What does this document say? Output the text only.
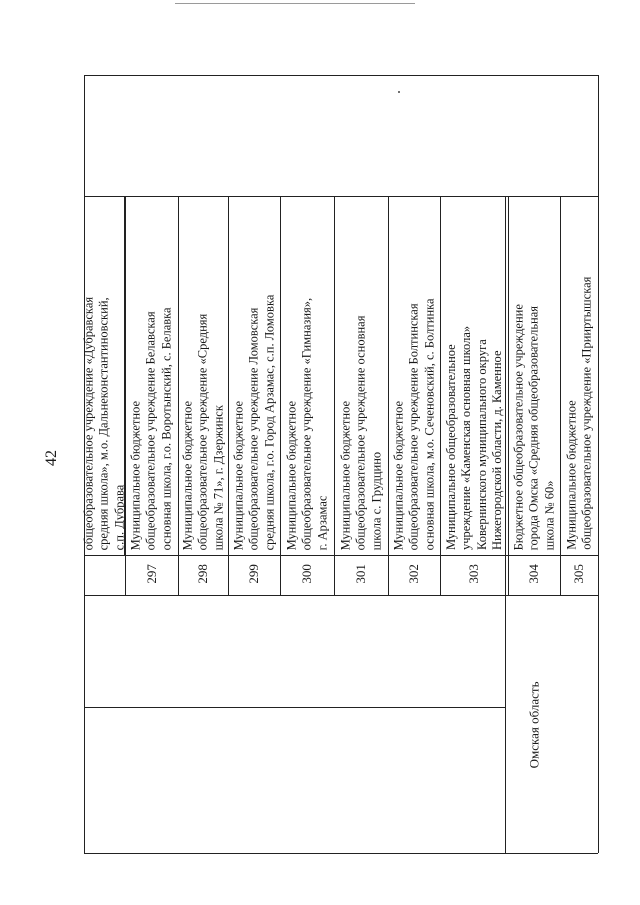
42 общеобразовательное учреждение «Дубравская средняя школа», м.о. Дальнеконстантиновский, с.п. Дубрава Муниципальное бюджетное общеобразовательное учреждение Белавская основная школа, г.о. Воротынский, с. Белавка
297
Муниципальное бюджетное общеобразовательное учреждение «Средняя школа № 71», г. Дзержинск
298
Муниципальное бюджетное общеобразовательное учреждение Ломовская средняя школа, г.о. Город Арзамас, с.п. Ломовка
299
Муниципальное бюджетное общеобразовательное учреждение «Гимназия», г. Арзамас
300
Муниципальное бюджетное общеобразовательное учреждение основная школа с. Грудцино
301
Муниципальное бюджетное общеобразовательное учреждение Болтинская основная школа, м.о. Сеченовский, с. Болтинка
302
Муниципальное общеобразовательное учреждение «Каменская основная школа» Ковернинского муниципального округа Нижегородской области, д. Каменное
303
Бюджетное общеобразовательное учреждение города Омска «Средняя общеобразовательная школа № 60»
304
Муниципальное бюджетное общеобразовательное учреждение «Прииртышская
305
Омская область
